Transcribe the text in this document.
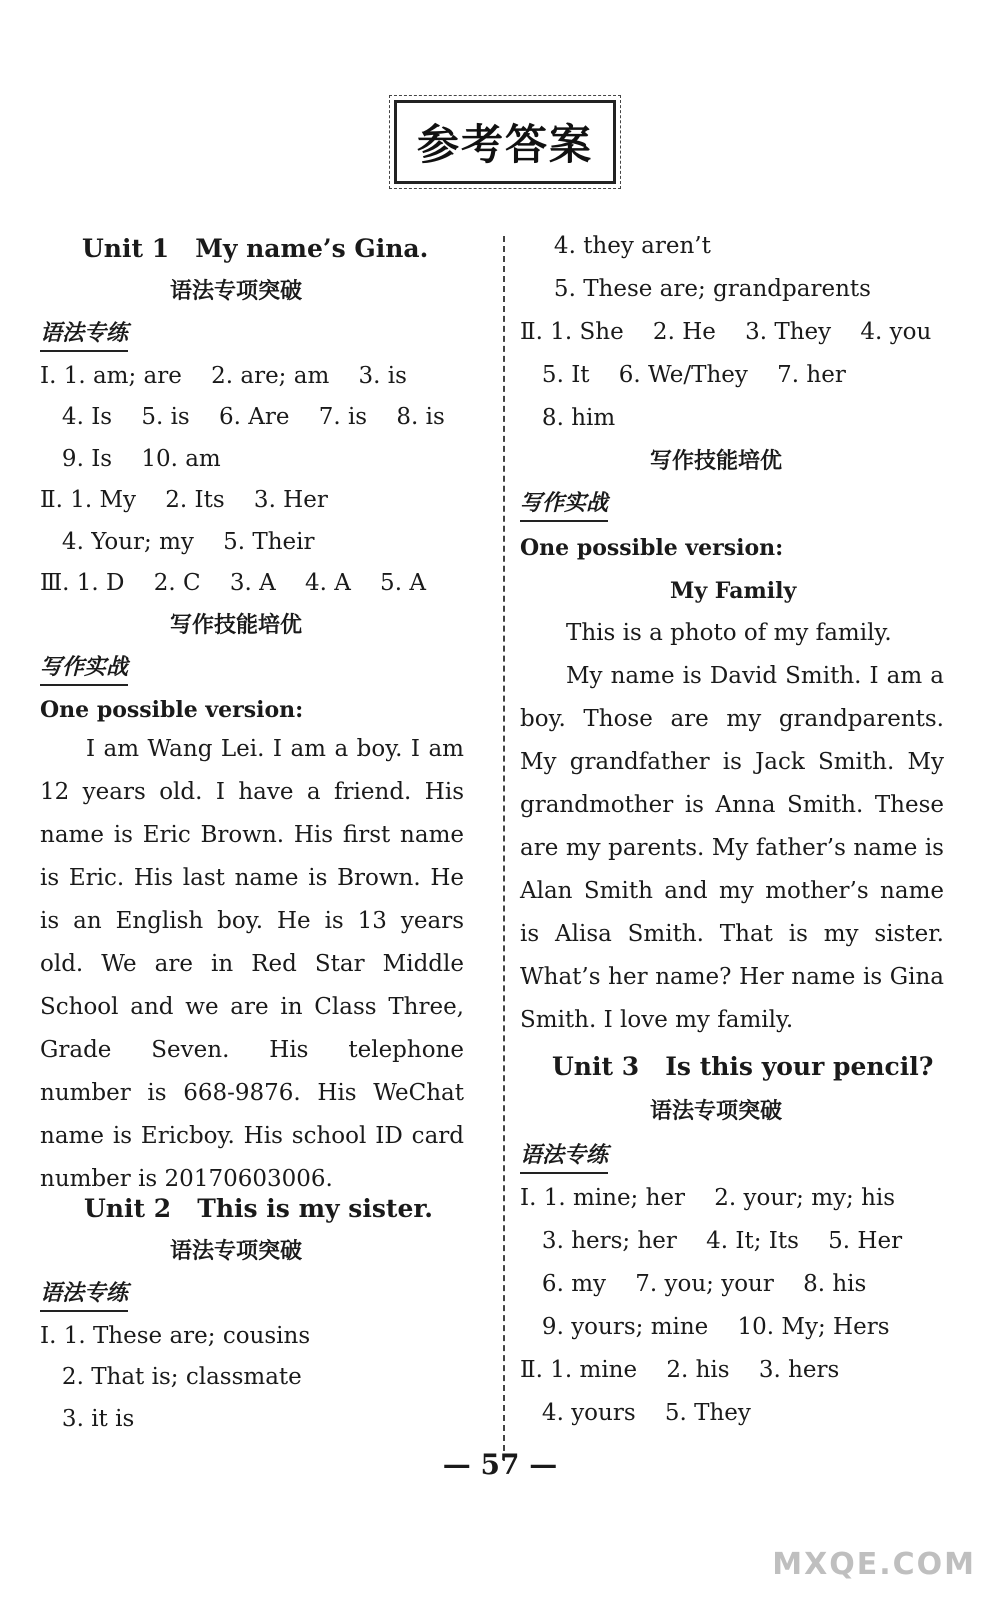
参考答案
Unit 1   My name’s Gina.
语法专项突破
语法专练
Ⅰ. 1. am; are    2. are; am    3. is
4. Is    5. is    6. Are    7. is    8. is
9. Is    10. am
Ⅱ. 1. My    2. Its    3. Her
4. Your; my    5. Their
Ⅲ. 1. D    2. C    3. A    4. A    5. A
写作技能培优
写作实战
One possible version:
I am Wang Lei. I am a boy. I am 12 years old. I have a friend. His name is Eric Brown. His first name is Eric. His last name is Brown. He is an English boy. He is 13 years old. We are in Red Star Middle School and we are in Class Three, Grade Seven. His telephone number is 668-9876. His WeChat name is Ericboy. His school ID card number is 20170603006.
Unit 2   This is my sister.
语法专项突破
语法专练
Ⅰ. 1. These are; cousins
2. That is; classmate
3. it is
4. they aren’t
5. These are; grandparents
Ⅱ. 1. She    2. He    3. They    4. you
5. It    6. We/They    7. her
8. him
写作技能培优
写作实战
One possible version:
My Family
This is a photo of my family.
My name is David Smith. I am a boy. Those are my grandparents. My grandfather is Jack Smith. My grandmother is Anna Smith. These are my parents. My father’s name is Alan Smith and my mother’s name is Alisa Smith. That is my sister. What’s her name? Her name is Gina Smith. I love my family.
Unit 3   Is this your pencil?
语法专项突破
语法专练
Ⅰ. 1. mine; her    2. your; my; his
3. hers; her    4. It; Its    5. Her
6. my    7. you; your    8. his
9. yours; mine    10. My; Hers
Ⅱ. 1. mine    2. his    3. hers
4. yours    5. They
— 57 —
MXQE.COM
